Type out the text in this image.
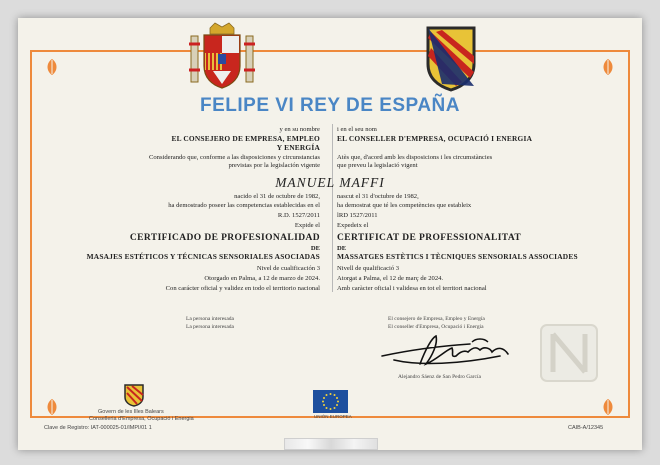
FELIPE VI REY DE ESPAÑA
y en su nombre
EL CONSEJERO DE EMPRESA, EMPLEO Y ENERGÍA
Considerando que, conforme a las disposiciones y circunstancias
previstas por la legislación vigente
nacido el 31 de octubre de 1982,
ha demostrado poseer las competencias establecidas en el
R.D. 1527/2011
Expide el
CERTIFICADO DE PROFESIONALIDAD
DE
MASAJES ESTÉTICOS Y TÉCNICAS SENSORIALES ASOCIADAS
Nivel de cualificación 3
Otorgado en Palma, a 12 de marzo de 2024.
Con carácter oficial y validez en todo el territorio nacional
i en el seu nom
EL CONSELLER D'EMPRESA, OCUPACIÓ I ENERGIA
Atès que, d'acord amb les disposicions i les circumstàncies
que preveu la legislació vigent
nascut el 31 d'octubre de 1982,
ha demostrat que té les competències que estableix
lRD 1527/2011
Expedeix el
CERTIFICAT DE PROFESSIONALITAT
DE
MASSATGES ESTÈTICS I TÈCNIQUES SENSORIALS ASSOCIADES
Nivell de qualificació 3
Atorgat a Palma, el 12 de març de 2024.
Amb caràcter oficial i validesa en tot el territori nacional
MANUEL MAFFI
La persona interesada
La persona interesada
El consejero de Empresa, Empleo y Energía
El conseller d'Empresa, Ocupació i Energia
Alejandro Sáenz de San Pedro García
Govern de les Illes Balears
Conselleria d'Empresa, Ocupació i Energia	UNIÓN EUROPEA
Clave de Registro: IAT-000025-01/IMPI/01 1	CAIB-A/12345
